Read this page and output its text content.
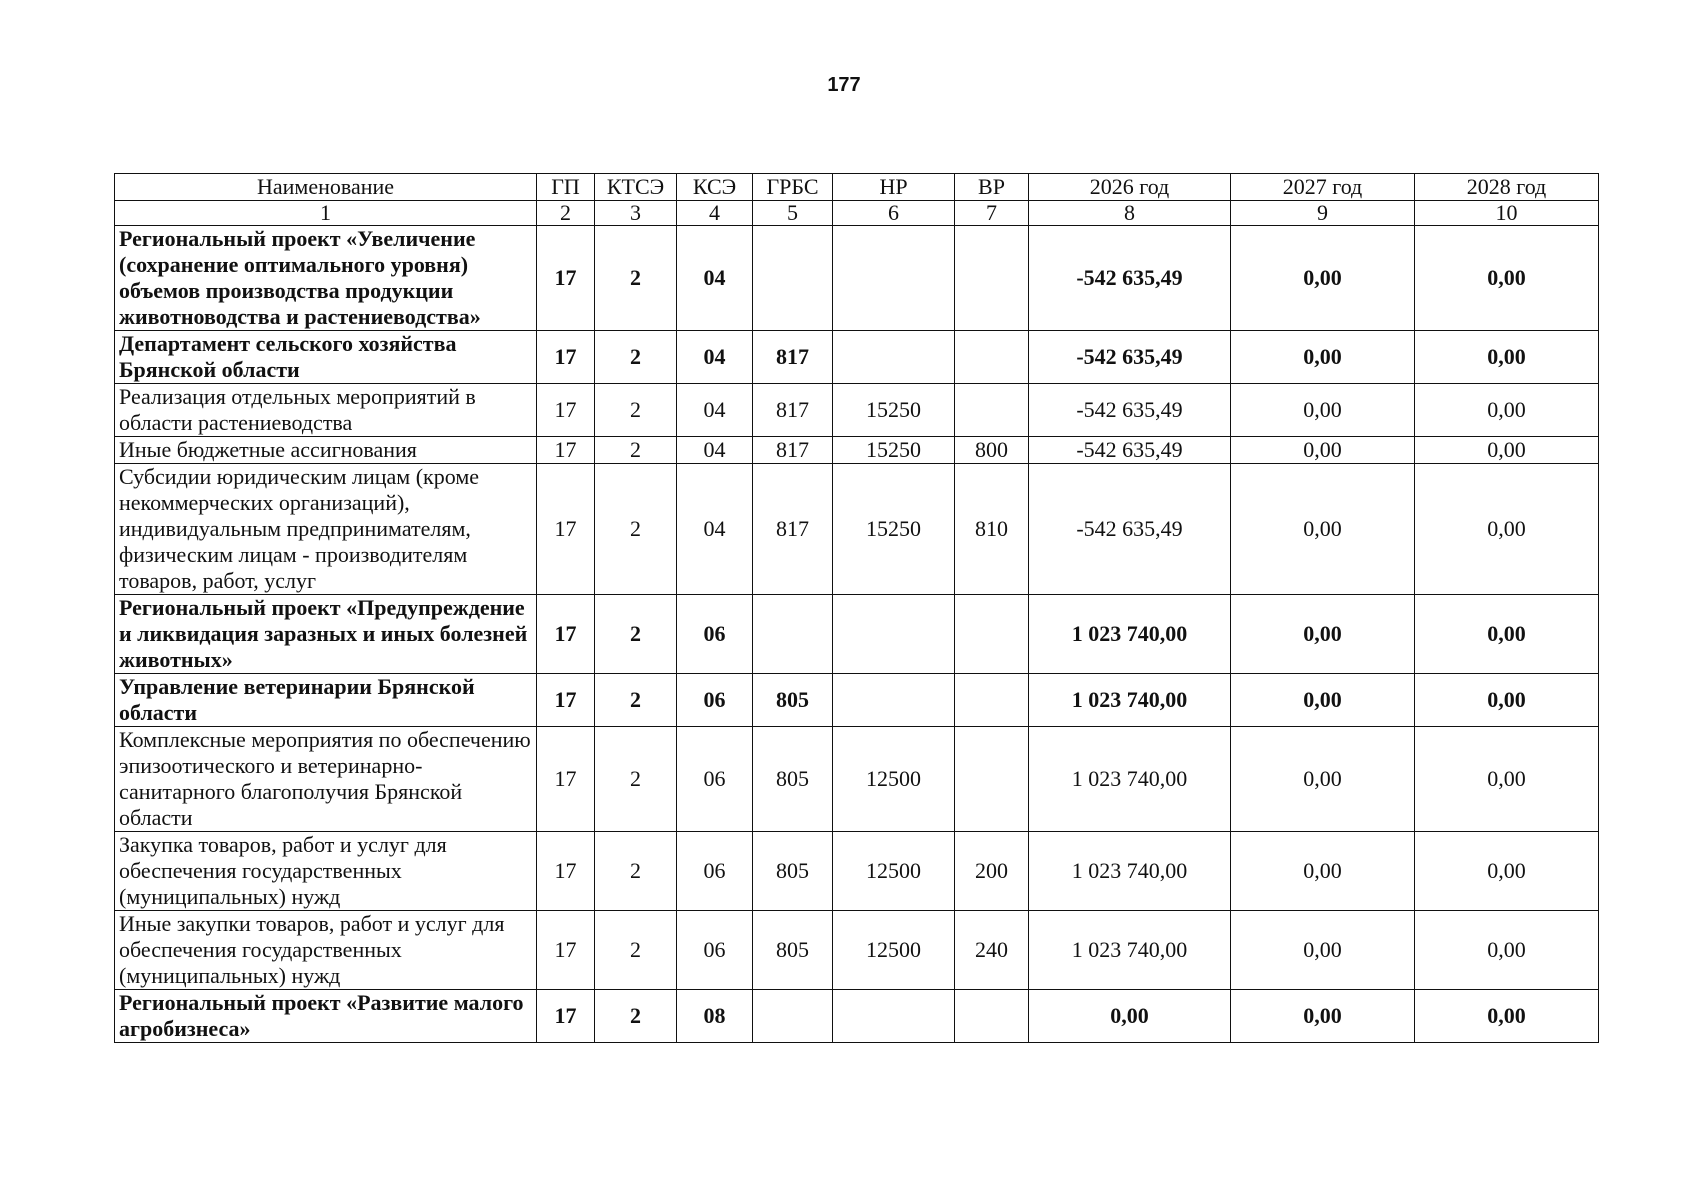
177
Наименование	ГП	КТСЭ	КСЭ	ГРБС	НР	ВР	2026 год	2027 год	2028 год
1	2	3	4	5	6	7	8	9	10
Региональный проект «Увеличение (сохранение оптимального уровня) объемов производства продукции животноводства и растениеводства»	17	2	04				-542 635,49	0,00	0,00
Департамент сельского хозяйства Брянской области	17	2	04	817			-542 635,49	0,00	0,00
Реализация отдельных мероприятий в области растениеводства	17	2	04	817	15250		-542 635,49	0,00	0,00
Иные бюджетные ассигнования	17	2	04	817	15250	800	-542 635,49	0,00	0,00
Субсидии юридическим лицам (кроме некоммерческих организаций), индивидуальным предпринимателям, физическим лицам - производителям товаров, работ, услуг	17	2	04	817	15250	810	-542 635,49	0,00	0,00
Региональный проект «Предупреждение и ликвидация заразных и иных болезней животных»	17	2	06				1 023 740,00	0,00	0,00
Управление ветеринарии Брянской области	17	2	06	805			1 023 740,00	0,00	0,00
Комплексные мероприятия по обеспечению эпизоотического и ветеринарно-санитарного благополучия Брянской области	17	2	06	805	12500		1 023 740,00	0,00	0,00
Закупка товаров, работ и услуг для обеспечения государственных (муниципальных) нужд	17	2	06	805	12500	200	1 023 740,00	0,00	0,00
Иные закупки товаров, работ и услуг для обеспечения государственных (муниципальных) нужд	17	2	06	805	12500	240	1 023 740,00	0,00	0,00
Региональный проект «Развитие малого агробизнеса»	17	2	08				0,00	0,00	0,00
